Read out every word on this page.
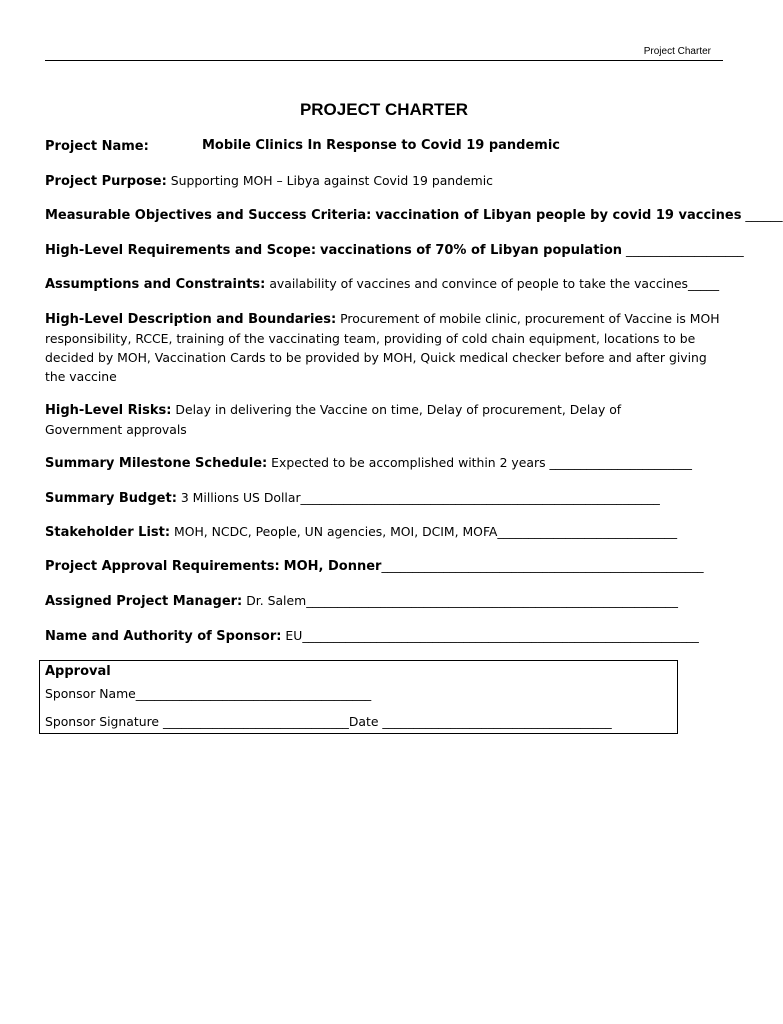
Project Charter
PROJECT CHARTER
Project Name:	Mobile Clinics In Response to Covid 19 pandemic
Project Purpose: Supporting MOH – Libya against Covid 19 pandemic
Measurable Objectives and Success Criteria: vaccination of Libyan people by covid 19 vaccines ______
High-Level Requirements and Scope: vaccinations of 70% of Libyan population ___________________
Assumptions and Constraints: availability of vaccines and convince of people to take the vaccines_____
High-Level Description and Boundaries: Procurement of mobile clinic, procurement of Vaccine is MOH responsibility, RCCE, training of the vaccinating team, providing of cold chain equipment, locations to be decided by MOH, Vaccination Cards to be provided by MOH, Quick medical checker before and after giving the vaccine
High-Level Risks: Delay in delivering the Vaccine on time, Delay of procurement, Delay of Government approvals
Summary Milestone Schedule: Expected to be accomplished within 2 years _______________________
Summary Budget: 3 Millions US Dollar__________________________________________________________
Stakeholder List: MOH, NCDC, People, UN agencies, MOI, DCIM, MOFA_____________________________
Project Approval Requirements: MOH, Donner____________________________________________________
Assigned Project Manager: Dr. Salem____________________________________________________________
Name and Authority of Sponsor: EU________________________________________________________________
Approval
Sponsor Name______________________________________
Sponsor Signature ______________________________Date _____________________________________
